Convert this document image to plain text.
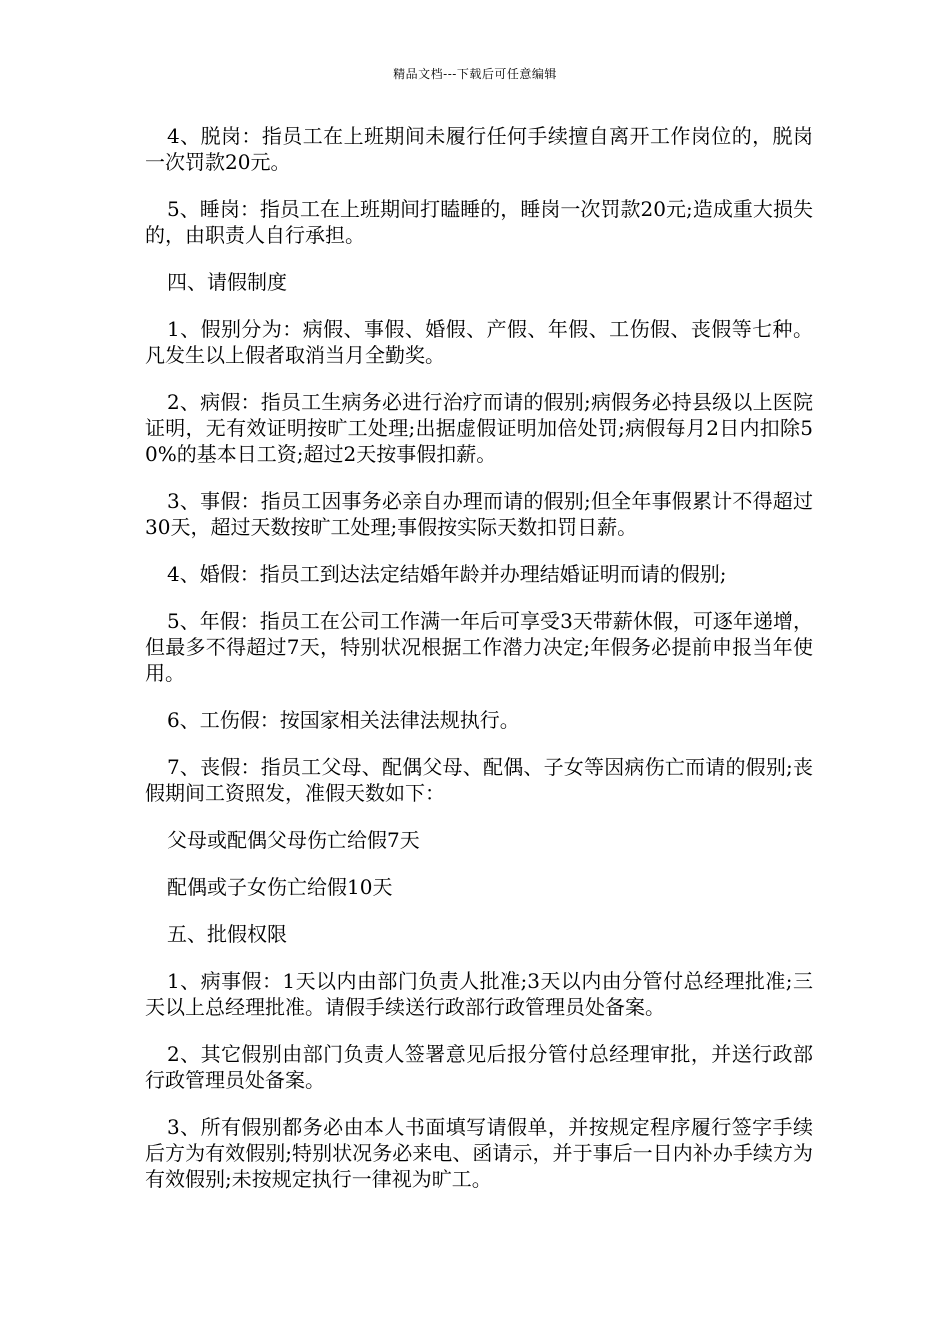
精品文档---下载后可任意编辑

4、脱岗：指员工在上班期间未履行任何手续擅自离开工作岗位的，脱岗一次罚款20元。

5、睡岗：指员工在上班期间打瞌睡的，睡岗一次罚款20元;造成重大损失的，由职责人自行承担。

四、请假制度

1、假别分为：病假、事假、婚假、产假、年假、工伤假、丧假等七种。凡发生以上假者取消当月全勤奖。

2、病假：指员工生病务必进行治疗而请的假别;病假务必持县级以上医院证明，无有效证明按旷工处理;出据虚假证明加倍处罚;病假每月2日内扣除50%的基本日工资;超过2天按事假扣薪。

3、事假：指员工因事务必亲自办理而请的假别;但全年事假累计不得超过30天，超过天数按旷工处理;事假按实际天数扣罚日薪。

4、婚假：指员工到达法定结婚年龄并办理结婚证明而请的假别;

5、年假：指员工在公司工作满一年后可享受3天带薪休假，可逐年递增，但最多不得超过7天，特别状况根据工作潜力决定;年假务必提前申报当年使用。

6、工伤假：按国家相关法律法规执行。

7、丧假：指员工父母、配偶父母、配偶、子女等因病伤亡而请的假别;丧假期间工资照发，准假天数如下：

父母或配偶父母伤亡给假7天

配偶或子女伤亡给假10天

五、批假权限

1、病事假：1天以内由部门负责人批准;3天以内由分管付总经理批准;三天以上总经理批准。请假手续送行政部行政管理员处备案。

2、其它假别由部门负责人签署意见后报分管付总经理审批，并送行政部行政管理员处备案。

3、所有假别都务必由本人书面填写请假单，并按规定程序履行签字手续后方为有效假别;特别状况务必来电、函请示，并于事后一日内补办手续方为有效假别;未按规定执行一律视为旷工。
